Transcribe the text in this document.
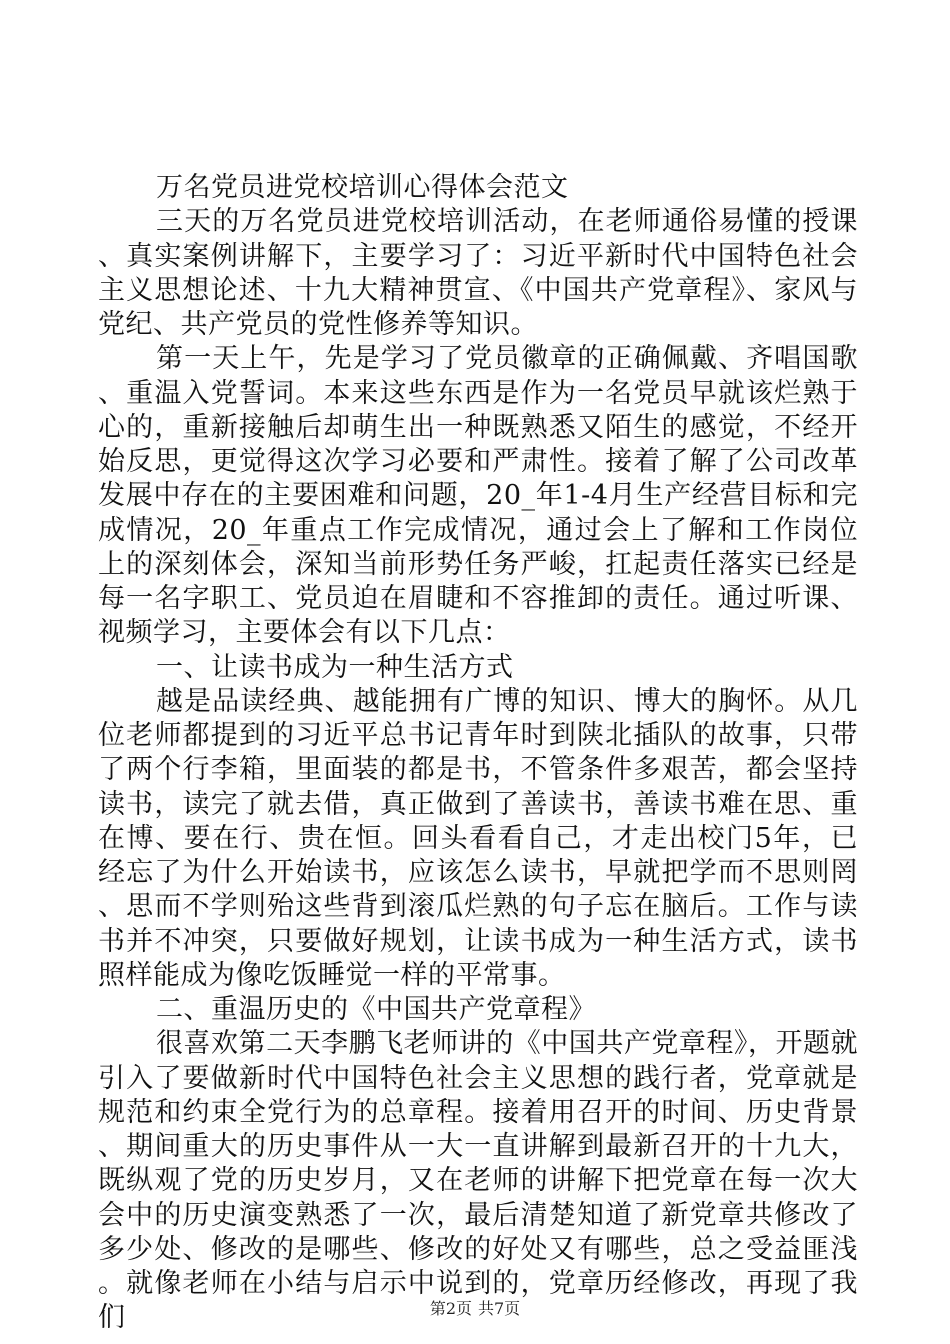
万名党员进党校培训心得体会范文

三天的万名党员进党校培训活动，在老师通俗易懂的授课、真实案例讲解下，主要学习了：习近平新时代中国特色社会主义思想论述、十九大精神贯宣、《中国共产党章程》、家风与党纪、共产党员的党性修养等知识。

第一天上午，先是学习了党员徽章的正确佩戴、齐唱国歌、重温入党誓词。本来这些东西是作为一名党员早就该烂熟于心的，重新接触后却萌生出一种既熟悉又陌生的感觉，不经开始反思，更觉得这次学习必要和严肃性。接着了解了公司改革发展中存在的主要困难和问题，20_年1-4月生产经营目标和完成情况，20_年重点工作完成情况，通过会上了解和工作岗位上的深刻体会，深知当前形势任务严峻，扛起责任落实已经是每一名字职工、党员迫在眉睫和不容推卸的责任。通过听课、视频学习，主要体会有以下几点：

一、让读书成为一种生活方式

越是品读经典、越能拥有广博的知识、博大的胸怀。从几位老师都提到的习近平总书记青年时到陕北插队的故事，只带了两个行李箱，里面装的都是书，不管条件多艰苦，都会坚持读书，读完了就去借，真正做到了善读书，善读书难在思、重在博、要在行、贵在恒。回头看看自己，才走出校门5年，已经忘了为什么开始读书，应该怎么读书，早就把学而不思则罔、思而不学则殆这些背到滚瓜烂熟的句子忘在脑后。工作与读书并不冲突，只要做好规划，让读书成为一种生活方式，读书照样能成为像吃饭睡觉一样的平常事。

二、重温历史的《中国共产党章程》

很喜欢第二天李鹏飞老师讲的《中国共产党章程》，开题就引入了要做新时代中国特色社会主义思想的践行者，党章就是规范和约束全党行为的总章程。接着用召开的时间、历史背景、期间重大的历史事件从一大一直讲解到最新召开的十九大，既纵观了党的历史岁月，又在老师的讲解下把党章在每一次大会中的历史演变熟悉了一次，最后清楚知道了新党章共修改了多少处、修改的是哪些、修改的好处又有哪些，总之受益匪浅。就像老师在小结与启示中说到的，党章历经修改，再现了我们	第2页 共7页
